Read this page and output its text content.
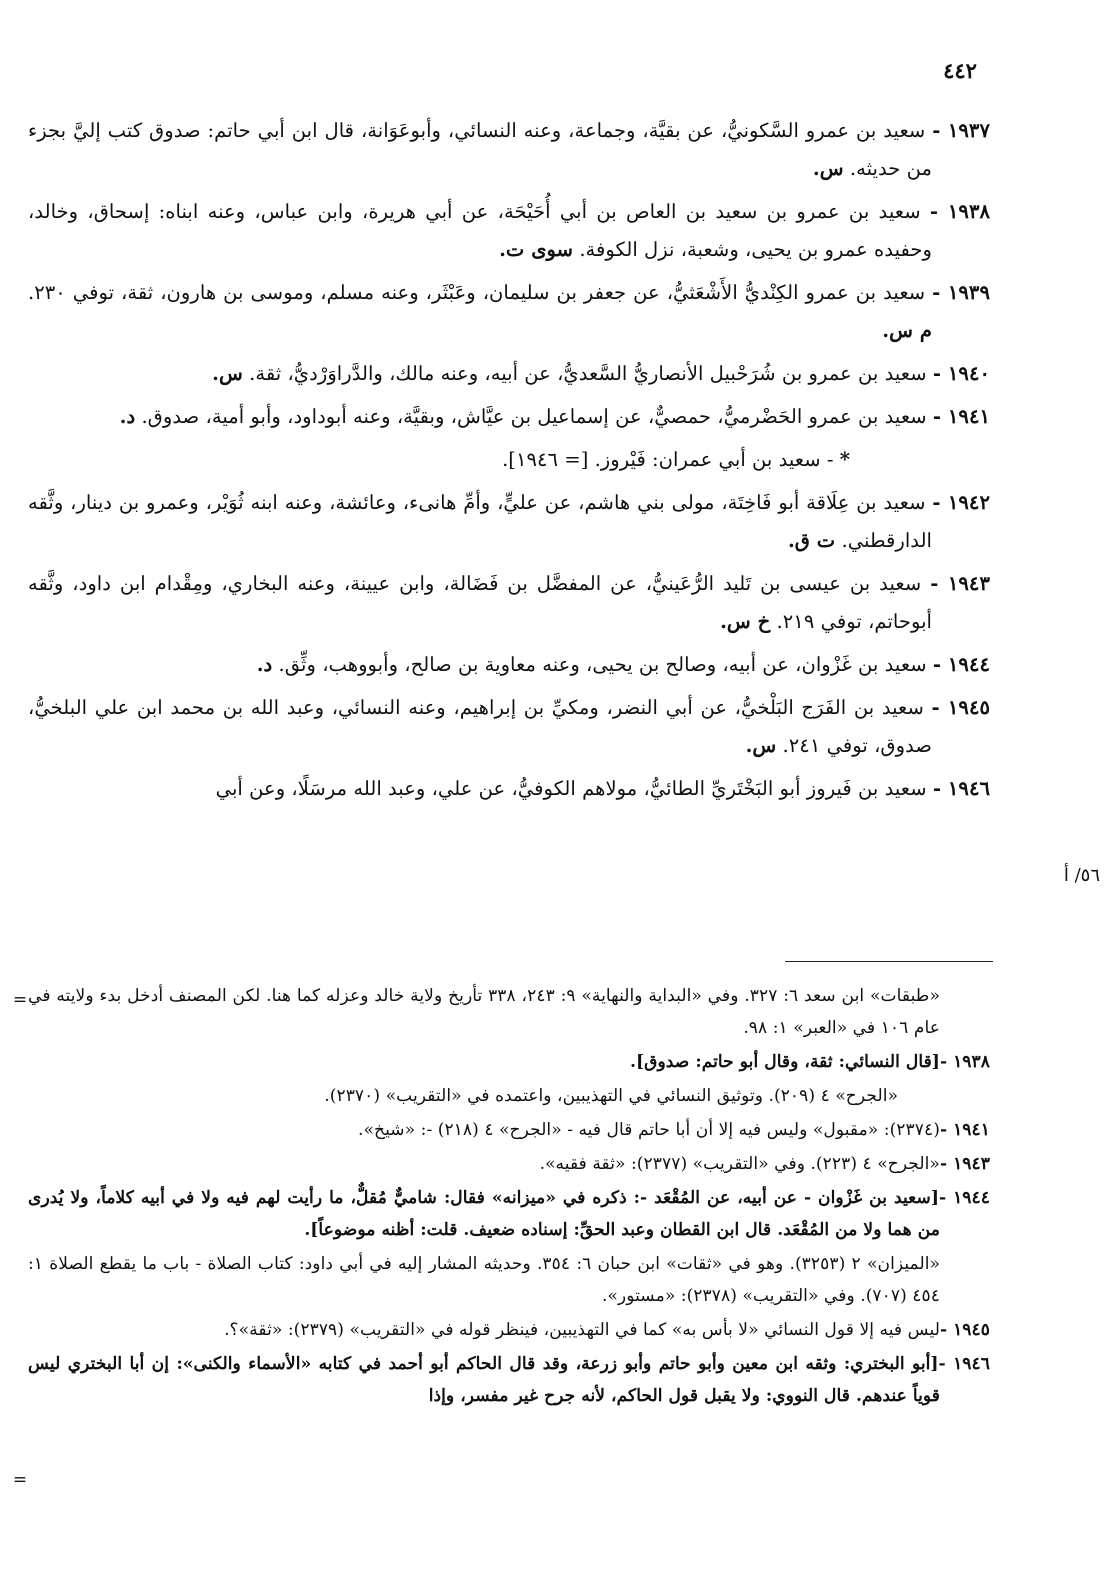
٤٤٢

١٩٣٧ - سعيد بن عمرو السَّكونيُّ، عن بقيَّة، وجماعة، وعنه النسائي، وأبوعَوَانة، قال ابن أبي حاتم: صدوق كتب إليَّ بجزء من حديثه. س.

١٩٣٨ - سعيد بن عمرو بن سعيد بن العاص بن أبي أُحَيْحَة، عن أبي هريرة، وابن عباس، وعنه ابناه: إسحاق، وخالد، وحفيده عمرو بن يحيى، وشعبة، نزل الكوفة. سوى ت.

١٩٣٩ - سعيد بن عمرو الكِنْديُّ الأَشْعَثيُّ، عن جعفر بن سليمان، وعَبْثَر، وعنه مسلم، وموسى بن هارون، ثقة، توفي ٢٣٠. م س.

١٩٤٠ - سعيد بن عمرو بن شُرَحْبيل الأنصاريُّ السَّعديُّ، عن أبيه، وعنه مالك، والدَّراوَرْديُّ، ثقة. س.

١٩٤١ - سعيد بن عمرو الحَضْرميُّ، حمصيٌّ، عن إسماعيل بن عيَّاش، وبقيَّة، وعنه أبوداود، وأبو أمية، صدوق. د.

* - سعيد بن أبي عمران: فَيْروز. [= ١٩٤٦].

١٩٤٢ - سعيد بن عِلَاقة أبو فَاخِتَة، مولى بني هاشم، عن عليٍّ، وأمِّ هانىء، وعائشة، وعنه ابنه ثُوَيْر، وعمرو بن دينار، وثَّقه الدارقطني. ت ق.

١٩٤٣ - سعيد بن عيسى بن تَليد الرُّعَينيُّ، عن المفضَّل بن فَضَالة، وابن عيينة، وعنه البخاري، ومِقْدام ابن داود، وثَّقه أبوحاتم، توفي ٢١٩. خ س.

١٩٤٤ - سعيد بن غَزْوان، عن أبيه، وصالح بن يحيى، وعنه معاوية بن صالح، وأبووهب، وثِّق. د.

١٩٤٥ - سعيد بن الفَرَج البَلْخيُّ، عن أبي النضر، ومكيِّ بن إبراهيم، وعنه النسائي، وعبد الله بن محمد ابن علي البلخيُّ، صدوق، توفي ٢٤١. س.

١٩٤٦ - سعيد بن فَيروز أبو البَخْتَريِّ الطائيُّ، مولاهم الكوفيُّ، عن علي، وعبد الله مرسَلًا، وعن أبي

٥٦/ أ
= «طبقات» ابن سعد ٦: ٣٢٧. وفي «البداية والنهاية» ٩: ٢٤٣، ٣٣٨ تأريخ ولاية خالد وعزله كما هنا. لكن المصنف أدخل بدء ولايته في عام ١٠٦ في «العبر» ١: ٩٨.

١٩٣٨ -[قال النسائي: ثقة، وقال أبو حاتم: صدوق].

«الجرح» ٤ (٢٠٩). وتوثيق النسائي في التهذيبين، واعتمده في «التقريب» (٢٣٧٠).

١٩٤١ -(٢٣٧٤): «مقبول» وليس فيه إلا أن أبا حاتم قال فيه - «الجرح» ٤ (٢١٨) -: «شيخ».

١٩٤٣ -«الجرح» ٤ (٢٢٣). وفي «التقريب» (٢٣٧٧): «ثقة فقيه».

١٩٤٤ -[سعيد بن غَزْوان - عن أبيه، عن المُقْعَد -: ذكره في «ميزانه» فقال: شاميٌّ مُقلٌّ، ما رأيت لهم فيه ولا في أبيه كلاماً، ولا يُدرى من هما ولا من المُقْعَد. قال ابن القطان وعبد الحقِّ: إسناده ضعيف. قلت: أظنه موضوعاً].

«الميزان» ٢ (٣٢٥٣). وهو في «ثقات» ابن حبان ٦: ٣٥٤. وحديثه المشار إليه في أبي داود: كتاب الصلاة - باب ما يقطع الصلاة ١: ٤٥٤ (٧٠٧). وفي «التقريب» (٢٣٧٨): «مستور».

١٩٤٥ -ليس فيه إلا قول النسائي «لا بأس به» كما في التهذيبين، فينظر قوله في «التقريب» (٢٣٧٩): «ثقة»؟.

١٩٤٦ -[أبو البختري: وثقه ابن معين وأبو حاتم وأبو زرعة، وقد قال الحاكم أبو أحمد في كتابه «الأسماء والكنى»: إن أبا البختري ليس قوياً عندهم. قال النووي: ولا يقبل قول الحاكم، لأنه جرح غير مفسر، وإذا

=
